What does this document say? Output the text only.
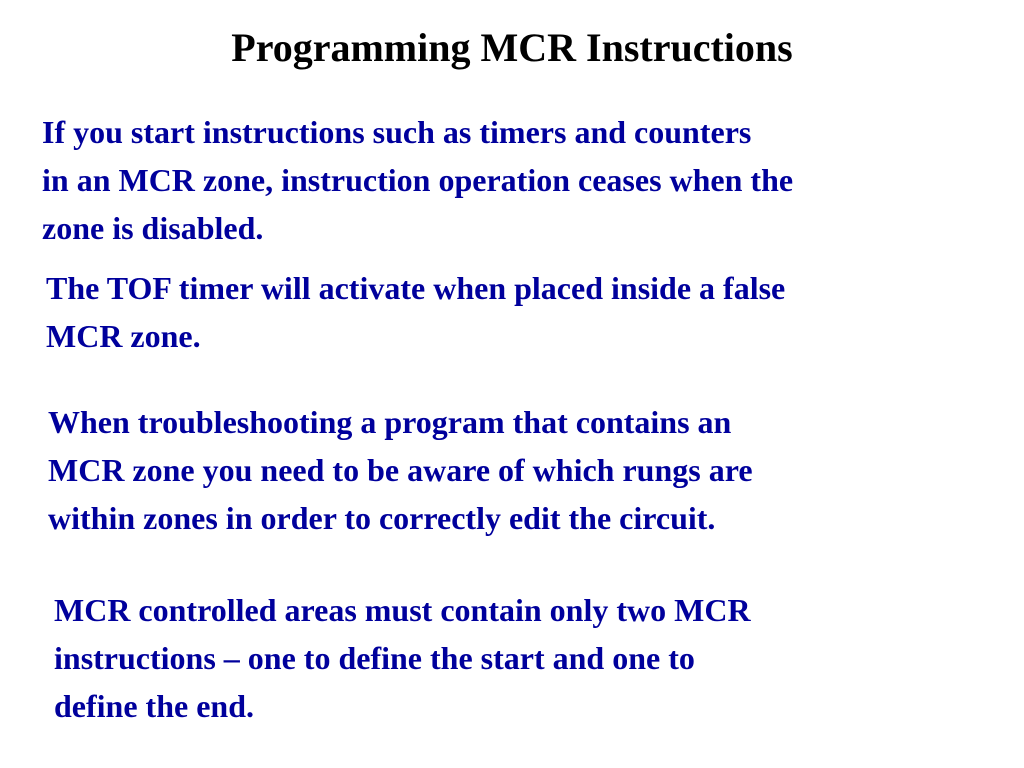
Programming MCR Instructions

If you start instructions such as timers and counters
in an MCR zone, instruction operation ceases when the
zone is disabled.

The TOF timer will activate when placed inside a false
MCR zone.

When troubleshooting a program that contains an
MCR zone you need to be aware of which rungs are
within zones in order to correctly edit the circuit.

MCR controlled areas must contain only two MCR
instructions – one to define the start and one to
define the end.
